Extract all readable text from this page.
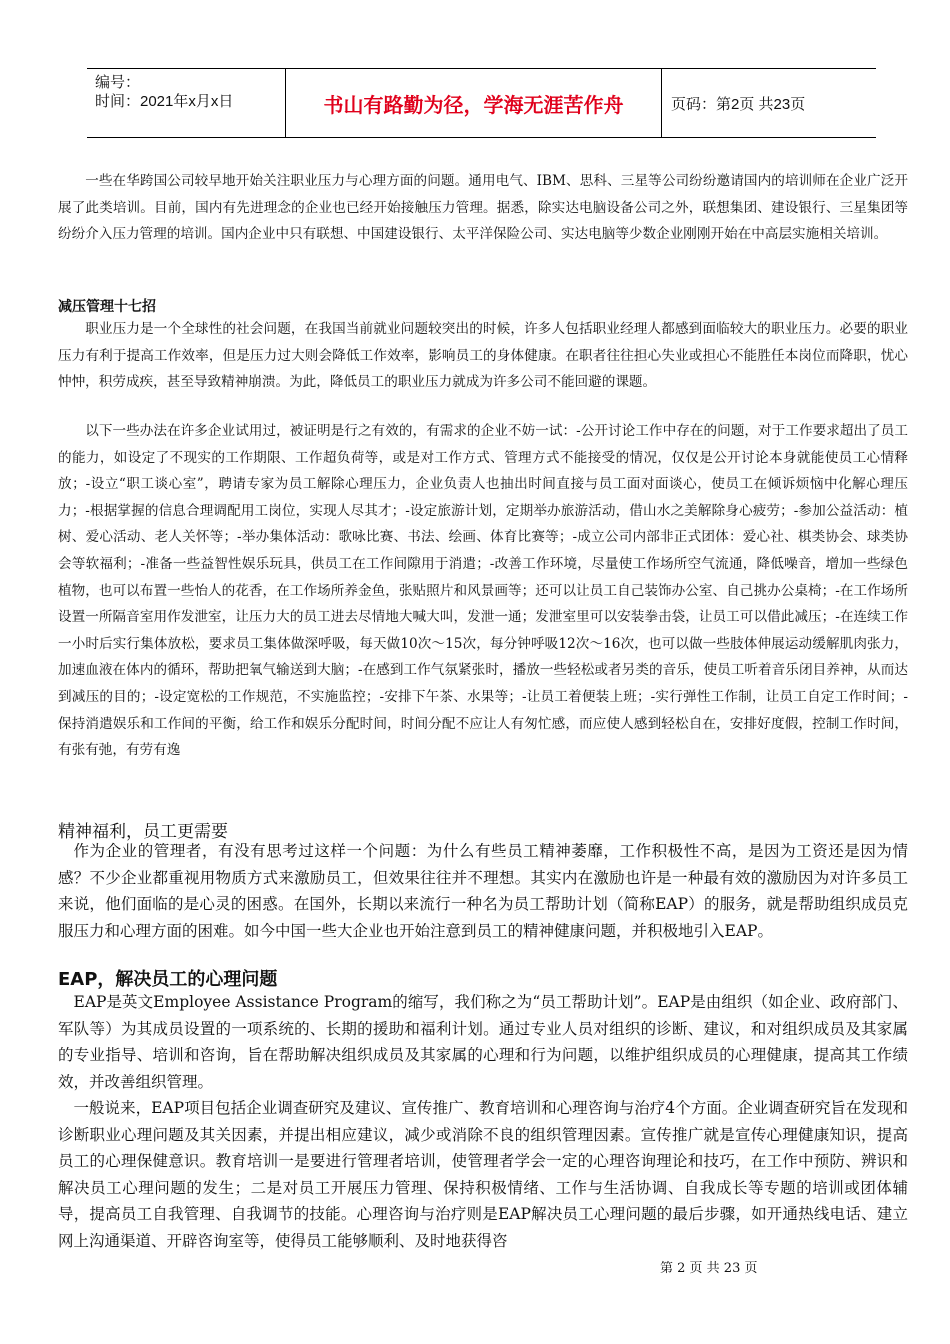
编号：
时间：2021年x月x日	书山有路勤为径，学海无涯苦作舟	页码：第2页 共23页
一些在华跨国公司较早地开始关注职业压力与心理方面的问题。通用电气、IBM、思科、三星等公司纷纷邀请国内的培训师在企业广泛开展了此类培训。目前，国内有先进理念的企业也已经开始接触压力管理。据悉，除实达电脑设备公司之外，联想集团、建设银行、三星集团等纷纷介入压力管理的培训。国内企业中只有联想、中国建设银行、太平洋保险公司、实达电脑等少数企业刚刚开始在中高层实施相关培训。
减压管理十七招
职业压力是一个全球性的社会问题，在我国当前就业问题较突出的时候，许多人包括职业经理人都感到面临较大的职业压力。必要的职业压力有利于提高工作效率，但是压力过大则会降低工作效率，影响员工的身体健康。在职者往往担心失业或担心不能胜任本岗位而降职，忧心忡忡，积劳成疾，甚至导致精神崩溃。为此，降低员工的职业压力就成为许多公司不能回避的课题。
以下一些办法在许多企业试用过，被证明是行之有效的，有需求的企业不妨一试：-公开讨论工作中存在的问题，对于工作要求超出了员工的能力，如设定了不现实的工作期限、工作超负荷等，或是对工作方式、管理方式不能接受的情况，仅仅是公开讨论本身就能使员工心情释放；-设立“职工谈心室”，聘请专家为员工解除心理压力，企业负责人也抽出时间直接与员工面对面谈心，使员工在倾诉烦恼中化解心理压力；-根据掌握的信息合理调配用工岗位，实现人尽其才；-设定旅游计划，定期举办旅游活动，借山水之美解除身心疲劳；-参加公益活动：植树、爱心活动、老人关怀等；-举办集体活动：歌咏比赛、书法、绘画、体育比赛等；-成立公司内部非正式团体：爱心社、棋类协会、球类协会等软福利；-准备一些益智性娱乐玩具，供员工在工作间隙用于消遣；-改善工作环境，尽量使工作场所空气流通，降低噪音，增加一些绿色植物，也可以布置一些怡人的花香，在工作场所养金鱼，张贴照片和风景画等；还可以让员工自己装饰办公室、自己挑办公桌椅；-在工作场所设置一所隔音室用作发泄室，让压力大的员工进去尽情地大喊大叫，发泄一通；发泄室里可以安装拳击袋，让员工可以借此减压；-在连续工作一小时后实行集体放松，要求员工集体做深呼吸，每天做10次～15次，每分钟呼吸12次～16次，也可以做一些肢体伸展运动缓解肌肉张力，加速血液在体内的循环，帮助把氧气输送到大脑；-在感到工作气氛紧张时，播放一些轻松或者另类的音乐，使员工听着音乐闭目养神，从而达到减压的目的；-设定宽松的工作规范，不实施监控；-安排下午茶、水果等；-让员工着便装上班；-实行弹性工作制，让员工自定工作时间；-保持消遣娱乐和工作间的平衡，给工作和娱乐分配时间，时间分配不应让人有匆忙感，而应使人感到轻松自在，安排好度假，控制工作时间，有张有弛，有劳有逸
精神福利，员工更需要
作为企业的管理者，有没有思考过这样一个问题：为什么有些员工精神萎靡，工作积极性不高，是因为工资还是因为情感？不少企业都重视用物质方式来激励员工，但效果往往并不理想。其实内在激励也许是一种最有效的激励因为对许多员工来说，他们面临的是心灵的困惑。在国外，长期以来流行一种名为员工帮助计划（简称EAP）的服务，就是帮助组织成员克服压力和心理方面的困难。如今中国一些大企业也开始注意到员工的精神健康问题，并积极地引入EAP。
EAP，解决员工的心理问题
EAP是英文Employee Assistance Program的缩写，我们称之为“员工帮助计划”。EAP是由组织（如企业、政府部门、军队等）为其成员设置的一项系统的、长期的援助和福利计划。通过专业人员对组织的诊断、建议，和对组织成员及其家属的专业指导、培训和咨询，旨在帮助解决组织成员及其家属的心理和行为问题，以维护组织成员的心理健康，提高其工作绩效，并改善组织管理。
一般说来，EAP项目包括企业调查研究及建议、宣传推广、教育培训和心理咨询与治疗4个方面。企业调查研究旨在发现和诊断职业心理问题及其关因素，并提出相应建议，减少或消除不良的组织管理因素。宣传推广就是宣传心理健康知识，提高员工的心理保健意识。教育培训一是要进行管理者培训，使管理者学会一定的心理咨询理论和技巧，在工作中预防、辨识和解决员工心理问题的发生；二是对员工开展压力管理、保持积极情绪、工作与生活协调、自我成长等专题的培训或团体辅导，提高员工自我管理、自我调节的技能。心理咨询与治疗则是EAP解决员工心理问题的最后步骤，如开通热线电话、建立网上沟通渠道、开辟咨询室等，使得员工能够顺利、及时地获得咨
第 2 页 共 23 页
